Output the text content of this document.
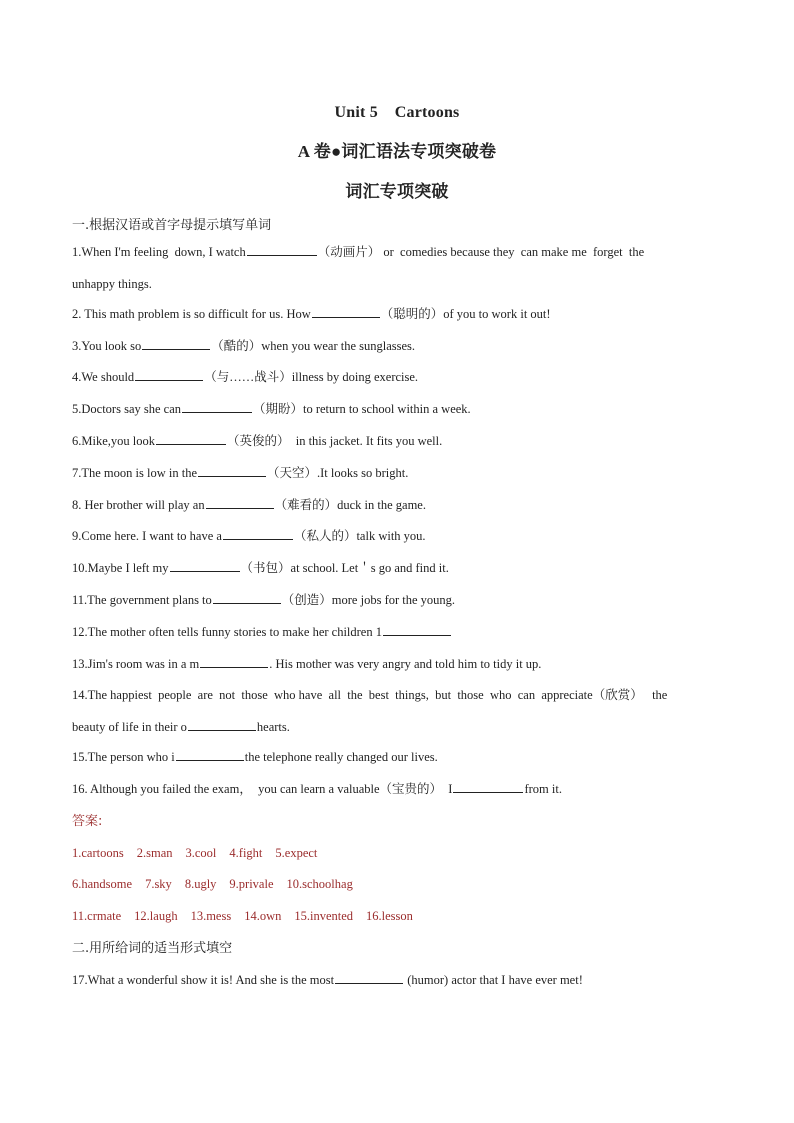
Unit 5    Cartoons

A 卷●词汇语法专项突破卷

词汇专项突破

一.根据汉语或首字母提示填写单词

1.When I'm feeling  down, I watch	（动画片） or  comedies because they  can make me  forget  the

unhappy things.

2. This math problem is so difficult for us. How	（聪明的）of you to work it out!

3.You look so	（酷的）when you wear the sunglasses.

4.We should	（与……战斗）illness by doing exercise.

5.Doctors say she can	（期盼）to return to school within a week.

6.Mike,you look	（英俊的）  in this jacket. It fits you well.

7.The moon is low in the	（天空）.It looks so bright.

8. Her brother will play an	（难看的）duck in the game.

9.Come here. I want to have a	（私人的）talk with you.

10.Maybe I left my	（书包）at school. Let＇s go and find it.

11.The government plans to	（创造）more jobs for the young.

12.The mother often tells funny stories to make her children 1

13.Jim's room was in a m	. His mother was very angry and told him to tidy it up.

14.The happiest  people  are  not  those  who have  all  the  best  things,  but  those  who  can  appreciate（欣赏）   the

beauty of life in their o	hearts.

15.The person who i	the telephone really changed our lives.

16. Although you failed the exam，  you can learn a valuable（宝贵的）  I	from it.

答案:

1.cartoons 2.sman 3.cool 4.fight 5.expect

6.handsome 7.sky 8.ugly 9.privale 10.schoolhag

11.crmate 12.laugh 13.mess 14.own 15.invented 16.lesson

二.用所给词的适当形式填空

17.What a wonderful show it is! And she is the most	(humor) actor that I have ever met!
